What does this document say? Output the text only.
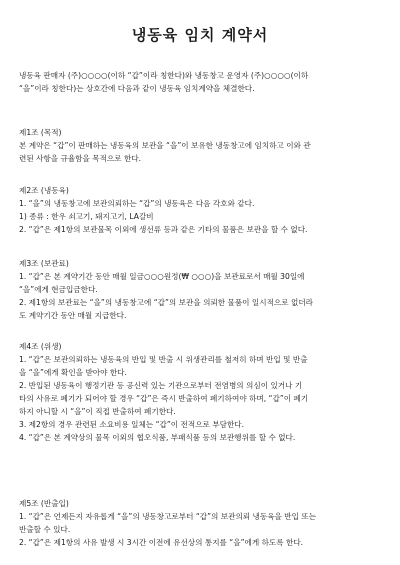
냉동육 임치 계약서
냉동육 판매자 (주)○○○○(이하 “갑”이라 칭한다)와 냉동창고 운영자 (주)○○○○(이하
“을”이라 칭한다)는 상호간에 다음과 같이 냉동육 임치계약을 체결한다.
제1조 (목적)
본 계약은 “갑”이 판매하는 냉동육의 보관을 “을”이 보유한 냉동창고에 임치하고 이와 관
련된 사항을 규율함을 목적으로 한다.
제2조 (냉동육)
1. “을”의 냉동창고에 보관의뢰하는 “갑”의 냉동육은 다음 각호와 같다.
1) 종류 : 한우 쇠고기, 돼지고기, LA갈비
2. “갑”은 제1항의 보관물목 이외에 생선류 등과 같은 기타의 물품은 보관을 할 수 없다.
제3조 (보관료)
1. “갑”은 본 계약기간 동안 매월 일금○○○원정(₩ ○○○)을 보관료로서 매월 30일에
“을”에게 현금입금한다.
2. 제1항의 보관료는 “을”의 냉동창고에 “갑”의 보관을 의뢰한 물품이 일시적으로 없더라
도 계약기간 동안 매월 지급한다.
제4조 (위생)
1. “갑”은 보관의뢰하는 냉동육의 반입 및 반출 시 위생관리를 철저히 하며 반입 및 반출
을 “을”에게 확인을 받아야 한다.
2. 반입된 냉동육이 행정기관 등 공신력 있는 기관으로부터 전염병의 의심이 있거나 기
타의 사유로 폐기가 되어야 할 경우 “갑”은 즉시 반출하여 폐기하여야 하며, “갑”이 폐기
하지 아니할 시 “을”이 직접 반출하여 폐기한다.
3. 제2항의 경우 관련된 소요비용 일체는 “갑”이 전적으로 부담한다.
4. “갑”은 본 계약상의 물목 이외의 협오식품, 부패식품 등의 보관행위를 할 수 없다.
제5조 (반출입)
1. “갑”은 언제든지 자유롭게 “을”의 냉동창고로부터 “갑”의 보관의뢰 냉동육을 반입 또는
반출할 수 있다.
2. “갑”은 제1항의 사유 발생 시 3시간 이전에 유선상의 통지를 “을”에게 하도록 한다.
